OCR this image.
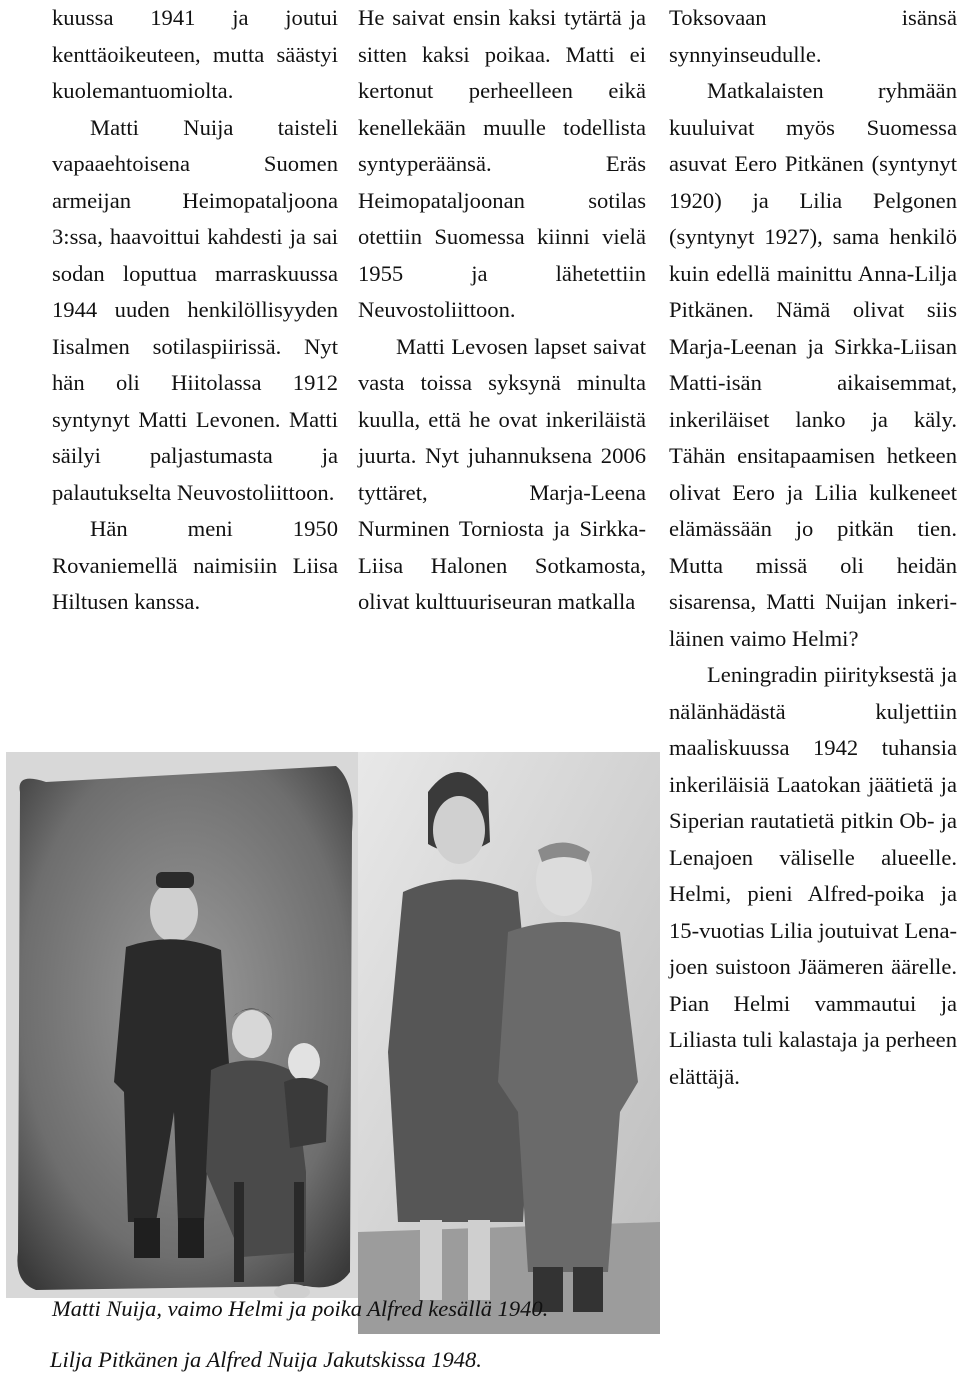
kuussa 1941 ja joutui kenttäoikeuteen, mutta säästyi kuolemantuomiolta.

Matti Nuija taisteli vapaaehtoisena Suomen armeijan Heimopataljoona 3:ssa, haavoittui kahdesti ja sai sodan loputtua marraskuussa 1944 uuden henkilöllisyyden Iisalmen sotilaspiirissä. Nyt hän oli Hiitolassa 1912 syntynyt Matti Levonen. Matti säilyi paljastumasta ja palautukselta Neuvostoliittoon.

Hän meni 1950 Rovaniemellä naimisiin Liisa Hiltusen kanssa.

He saivat ensin kaksi tytärtä ja sitten kaksi poikaa. Matti ei kertonut perheelleen eikä kenellekään muulle todellista syntyperäänsä. Eräs Heimopataljoonan sotilas otettiin Suomessa kiinni vielä 1955 ja lähetettiin Neuvostoliittoon.

Matti Levosen lapset saivat vasta toissa syksynä minulta kuulla, että he ovat inkeriläistä juurta. Nyt juhannuksena 2006 tyttäret, Marja-Leena Nurminen Torniosta ja Sirkka-Liisa Halonen Sotkamosta, olivat kulttuuriseuran matkalla

Toksovaan isänsä synnyinseudulle.

Matkalaisten ryhmään kuuluivat myös Suomessa asuvat Eero Pitkänen (syntynyt 1920) ja Lilia Pelgonen (syntynyt 1927), sama henkilö kuin edellä mainittu Anna-Lilja Pitkänen. Nämä olivat siis Marja-Leenan ja Sirkka-Liisan Matti-isän aikaisemmat, inkeriläiset lanko ja käly. Tähän ensitapaamisen hetkeen olivat Eero ja Lilia kulkeneet elämässään jo pitkän tien. Mutta missä oli heidän sisarensa, Matti Nuijan inkeri-läinen vaimo Helmi?

Leningradin piirityksestä ja nälänhädästä kuljettiin maaliskuussa 1942 tuhansia inkeriläisiä Laatokan jäätietä ja Siperian rautatietä pitkin Ob- ja Lenajoen väliselle alueelle. Helmi, pieni Alfred-poika ja 15-vuotias Lilia joutuivat Lena-joen suistoon Jäämeren äärelle. Pian Helmi vammautui ja Liliasta tuli kalastaja ja perheen elättäjä.

Matti Nuija, vaimo Helmi ja poika Alfred kesällä 1940.
Lilja Pitkänen ja Alfred Nuija Jakutskissa 1948.
